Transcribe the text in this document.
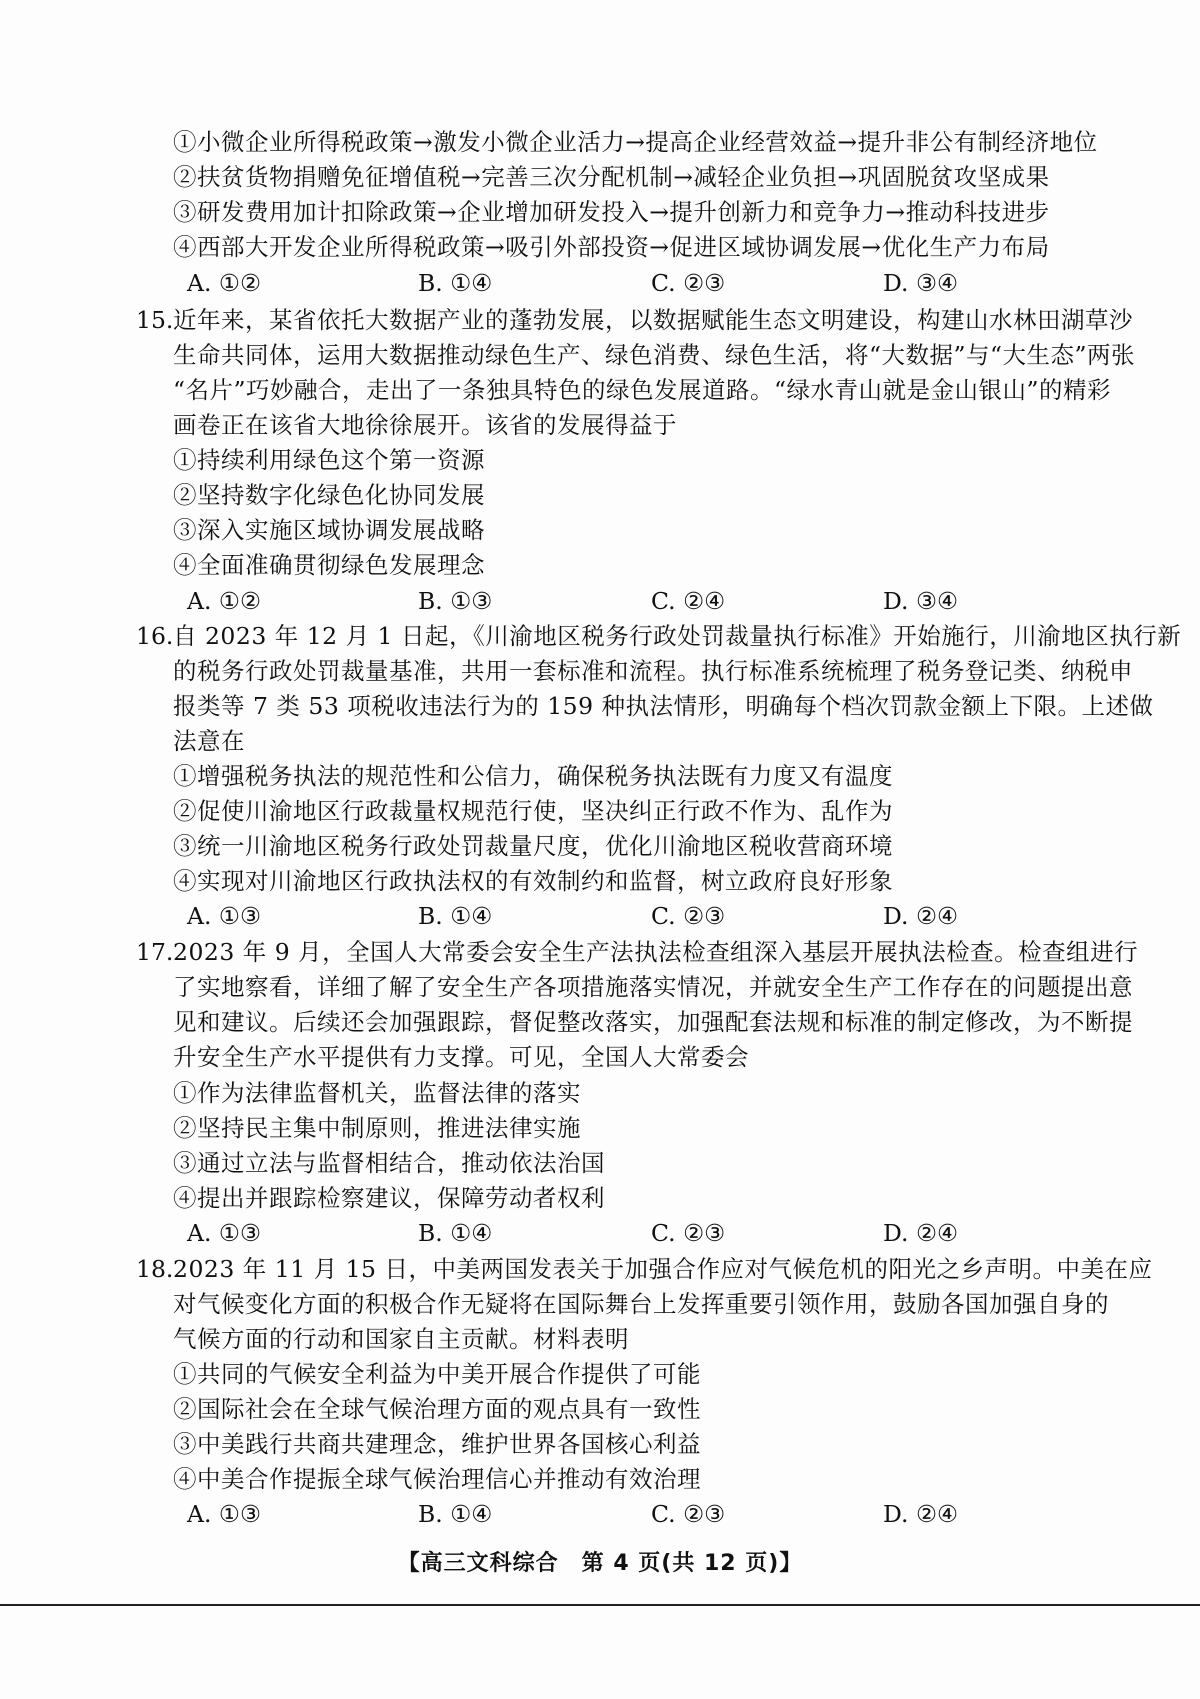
①小微企业所得税政策→激发小微企业活力→提高企业经营效益→提升非公有制经济地位
②扶贫货物捐赠免征增值税→完善三次分配机制→减轻企业负担→巩固脱贫攻坚成果
③研发费用加计扣除政策→企业增加研发投入→提升创新力和竞争力→推动科技进步
④西部大开发企业所得税政策→吸引外部投资→促进区域协调发展→优化生产力布局
A. ①②	B. ①④	C. ②③	D. ③④
15. 近年来，某省依托大数据产业的蓬勃发展，以数据赋能生态文明建设，构建山水林田湖草沙
生命共同体，运用大数据推动绿色生产、绿色消费、绿色生活，将“大数据”与“大生态”两张
“名片”巧妙融合，走出了一条独具特色的绿色发展道路。“绿水青山就是金山银山”的精彩
画卷正在该省大地徐徐展开。该省的发展得益于
①持续利用绿色这个第一资源
②坚持数字化绿色化协同发展
③深入实施区域协调发展战略
④全面准确贯彻绿色发展理念
A. ①②	B. ①③	C. ②④	D. ③④
16. 自 2023 年 12 月 1 日起，《川渝地区税务行政处罚裁量执行标准》开始施行，川渝地区执行新
的税务行政处罚裁量基准，共用一套标准和流程。执行标准系统梳理了税务登记类、纳税申
报类等 7 类 53 项税收违法行为的 159 种执法情形，明确每个档次罚款金额上下限。上述做
法意在
①增强税务执法的规范性和公信力，确保税务执法既有力度又有温度
②促使川渝地区行政裁量权规范行使，坚决纠正行政不作为、乱作为
③统一川渝地区税务行政处罚裁量尺度，优化川渝地区税收营商环境
④实现对川渝地区行政执法权的有效制约和监督，树立政府良好形象
A. ①③	B. ①④	C. ②③	D. ②④
17. 2023 年 9 月，全国人大常委会安全生产法执法检查组深入基层开展执法检查。检查组进行
了实地察看，详细了解了安全生产各项措施落实情况，并就安全生产工作存在的问题提出意
见和建议。后续还会加强跟踪，督促整改落实，加强配套法规和标准的制定修改，为不断提
升安全生产水平提供有力支撑。可见，全国人大常委会
①作为法律监督机关，监督法律的落实
②坚持民主集中制原则，推进法律实施
③通过立法与监督相结合，推动依法治国
④提出并跟踪检察建议，保障劳动者权利
A. ①③	B. ①④	C. ②③	D. ②④
18. 2023 年 11 月 15 日，中美两国发表关于加强合作应对气候危机的阳光之乡声明。中美在应
对气候变化方面的积极合作无疑将在国际舞台上发挥重要引领作用，鼓励各国加强自身的
气候方面的行动和国家自主贡献。材料表明
①共同的气候安全利益为中美开展合作提供了可能
②国际社会在全球气候治理方面的观点具有一致性
③中美践行共商共建理念，维护世界各国核心利益
④中美合作提振全球气候治理信心并推动有效治理
A. ①③	B. ①④	C. ②③	D. ②④
【高三文科综合　第 4 页(共 12 页)】
